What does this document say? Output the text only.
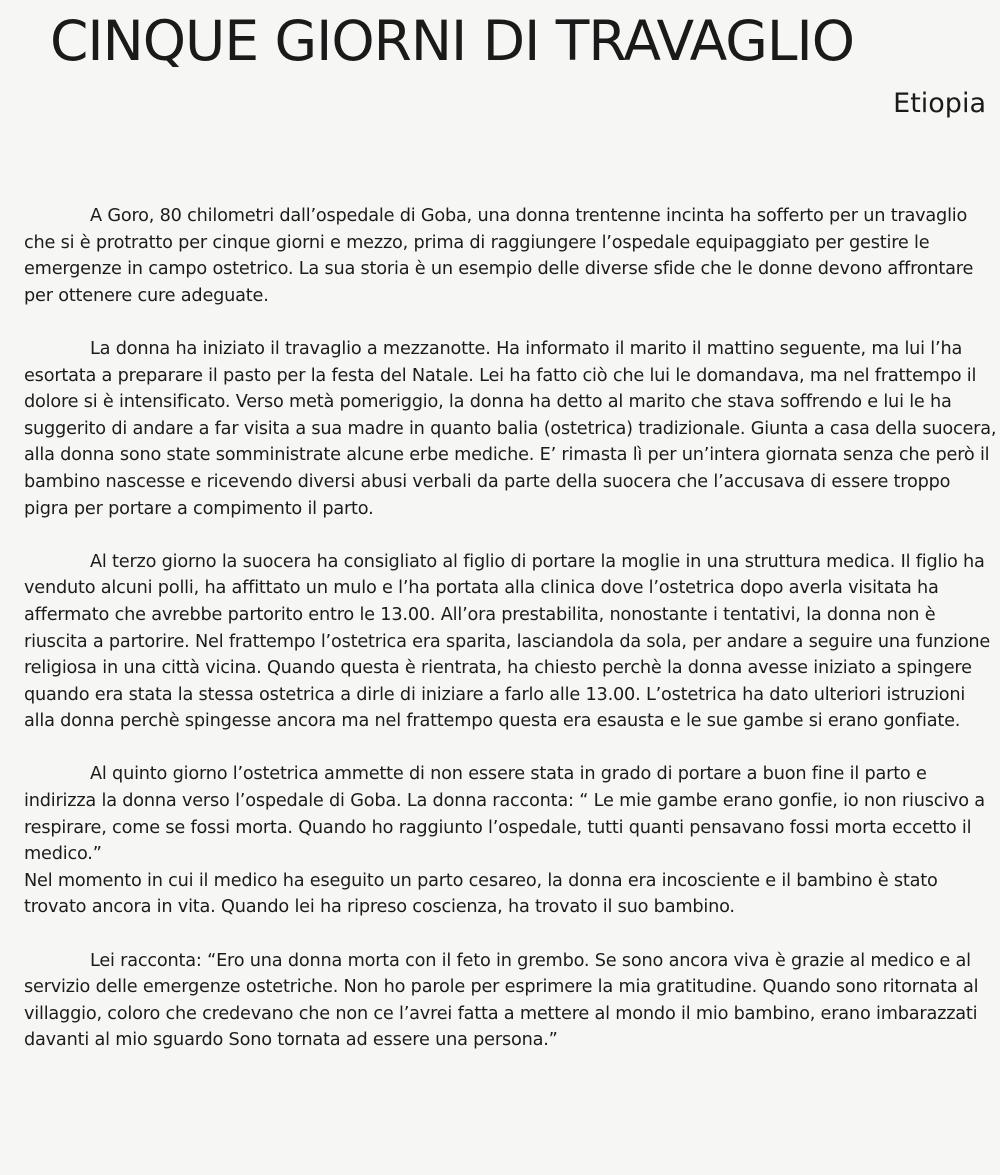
CINQUE GIORNI DI TRAVAGLIO
Etiopia

A Goro, 80 chilometri dall’ospedale di Goba, una donna trentenne incinta ha sofferto per un travaglio che si è protratto per cinque giorni e mezzo, prima di raggiungere l’ospedale equipaggiato per gestire le emergenze in campo ostetrico. La sua storia è un esempio delle diverse sfide che le donne devono affrontare per ottenere cure adeguate.

La donna ha iniziato il travaglio a mezzanotte. Ha informato il marito il mattino seguente, ma lui l’ha esortata a preparare il pasto per la festa del Natale. Lei ha fatto ciò che lui le domandava, ma nel frattempo il dolore si è intensificato. Verso metà pomeriggio, la donna ha detto al marito che stava soffrendo e lui le ha suggerito di andare a far visita a sua madre in quanto balia (ostetrica) tradizionale. Giunta a casa della suocera, alla donna sono state somministrate alcune erbe mediche. E’ rimasta lì per un’intera giornata senza che però il bambino nascesse e ricevendo diversi abusi verbali da parte della suocera che l’accusava di essere troppo pigra per portare a compimento il parto.

Al terzo giorno la suocera ha consigliato al figlio di portare la moglie in una struttura medica. Il figlio ha venduto alcuni polli, ha affittato un mulo e l’ha portata alla clinica dove l’ostetrica dopo averla visitata ha affermato che avrebbe partorito entro le 13.00. All’ora prestabilita, nonostante i tentativi, la donna non è riuscita a partorire. Nel frattempo l’ostetrica era sparita, lasciandola da sola, per andare a seguire una funzione religiosa in una città vicina. Quando questa è rientrata, ha chiesto perchè la donna avesse iniziato a spingere quando era stata la stessa ostetrica a dirle di iniziare a farlo alle 13.00. L’ostetrica ha dato ulteriori istruzioni alla donna perchè spingesse ancora ma nel frattempo questa era esausta e le sue gambe si erano gonfiate.

Al quinto giorno l’ostetrica ammette di non essere stata in grado di portare a buon fine il parto e indirizza la donna verso l’ospedale di Goba. La donna racconta: “ Le mie gambe erano gonfie, io non riuscivo a respirare, come se fossi morta. Quando ho raggiunto l’ospedale, tutti quanti pensavano fossi morta eccetto il medico.”

Nel momento in cui il medico ha eseguito un parto cesareo, la donna era incosciente e il bambino è stato trovato ancora in vita. Quando lei ha ripreso coscienza, ha trovato il suo bambino.

Lei racconta: “Ero una donna morta con il feto in grembo. Se sono ancora viva è grazie al medico e al servizio delle emergenze ostetriche. Non ho parole per esprimere la mia gratitudine. Quando sono ritornata al villaggio, coloro che credevano che non ce l’avrei fatta a mettere al mondo il mio bambino, erano imbarazzati davanti al mio sguardo Sono tornata ad essere una persona.”
